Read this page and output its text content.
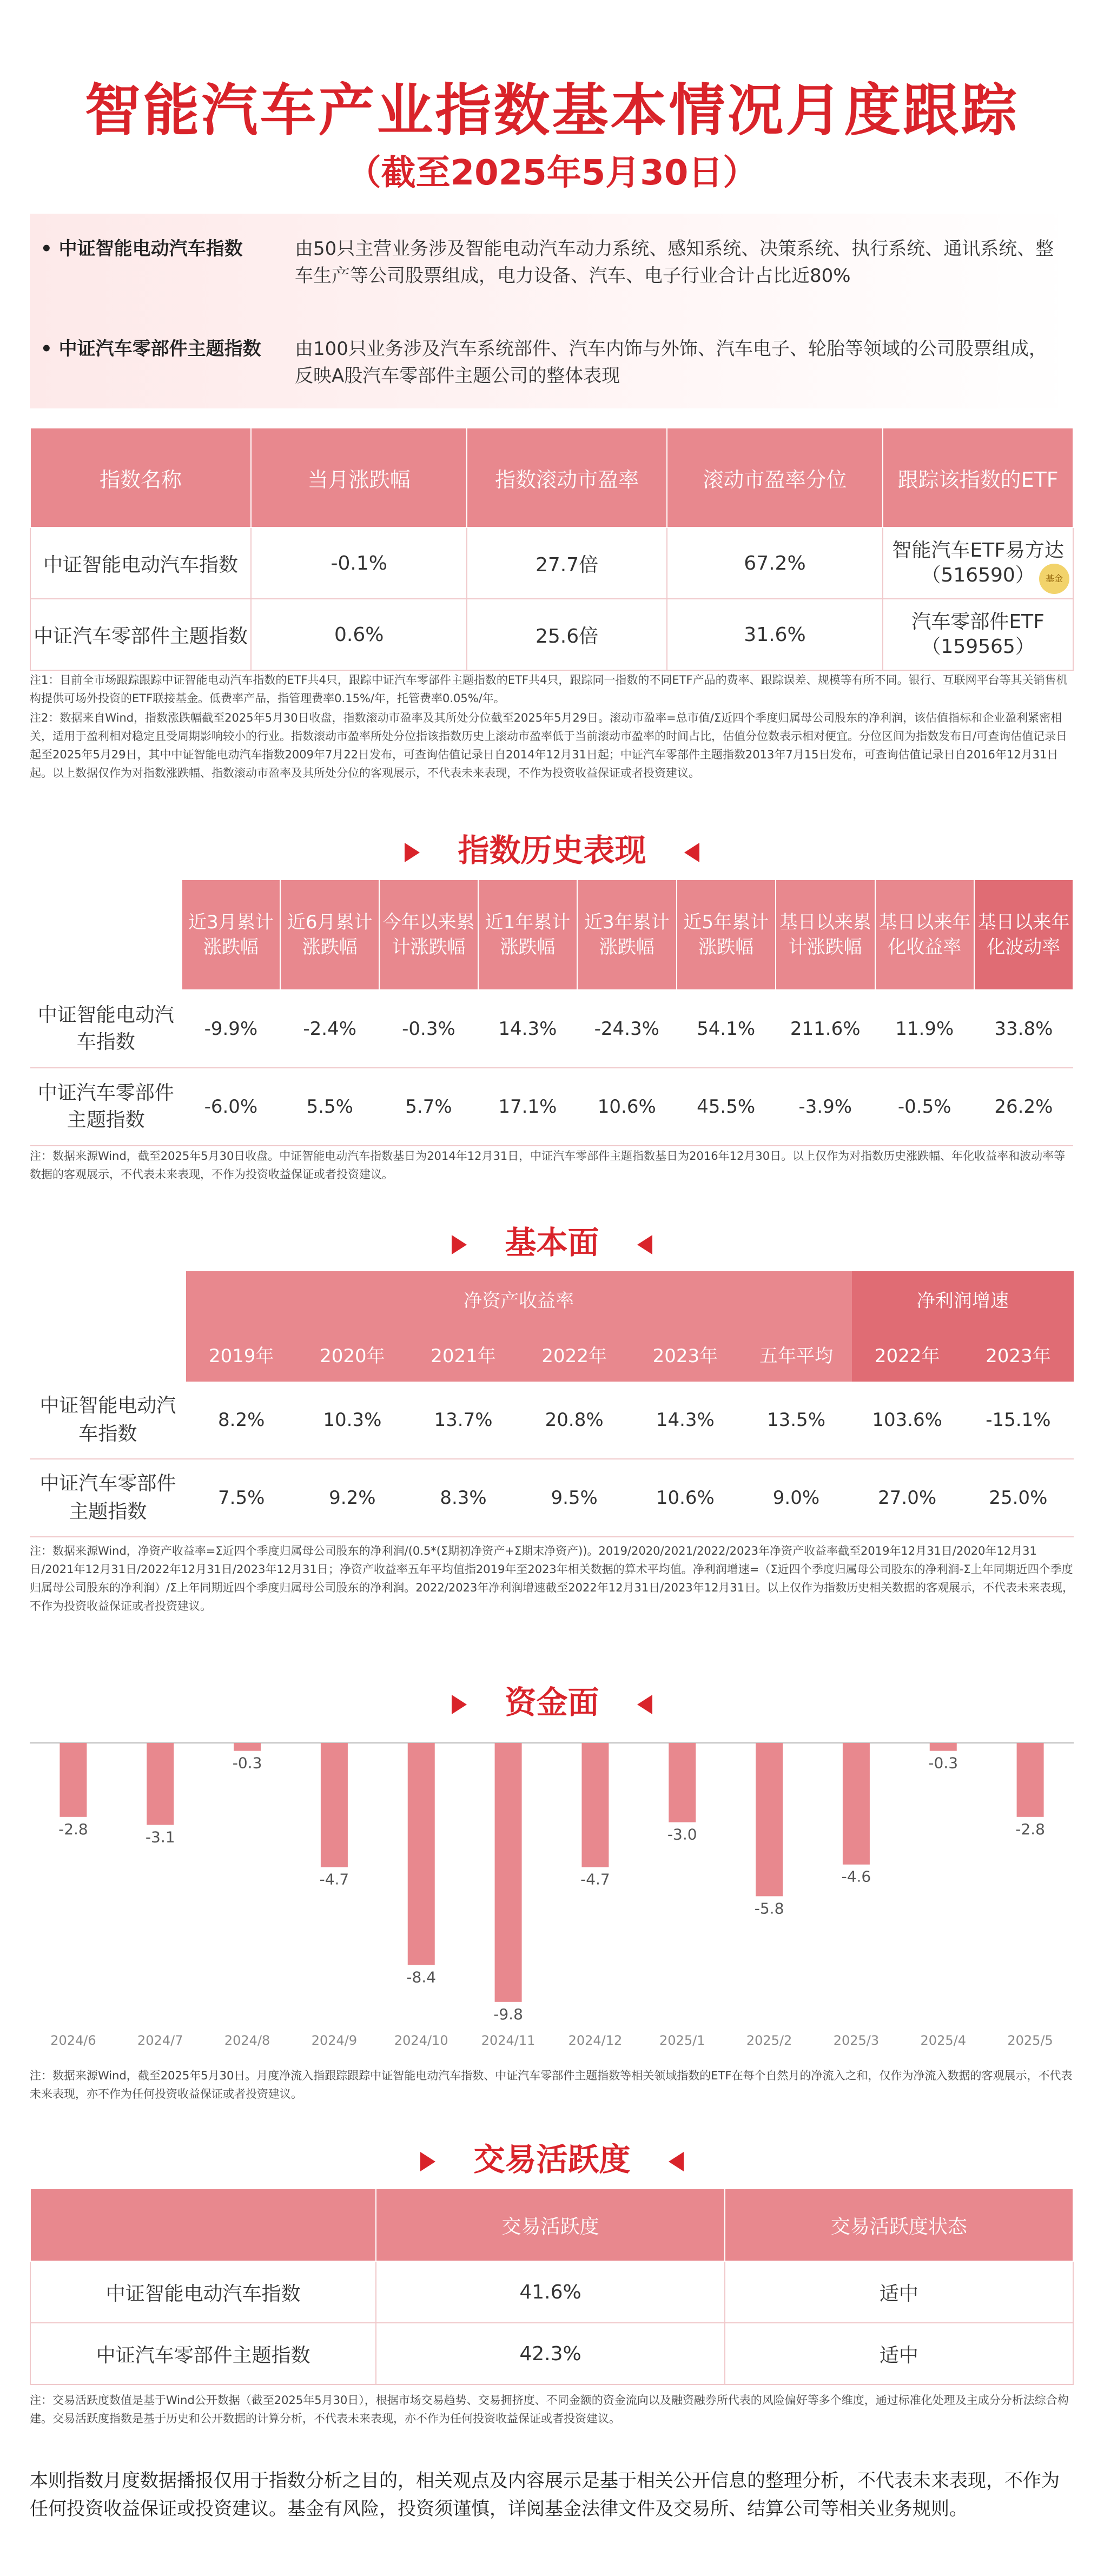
智能汽车产业指数基本情况月度跟踪
（截至2025年5月30日）
• 中证智能电动汽车指数	由50只主营业务涉及智能电动汽车动力系统、感知系统、决策系统、执行系统、通讯系统、整车生产等公司股票组成，电力设备、汽车、电子行业合计占比近80%
• 中证汽车零部件主题指数	由100只业务涉及汽车系统部件、汽车内饰与外饰、汽车电子、轮胎等领域的公司股票组成，反映A股汽车零部件主题公司的整体表现
指数名称	当月涨跌幅	指数滚动市盈率	滚动市盈率分位	跟踪该指数的ETF
中证智能电动汽车指数	-0.1%	27.7倍	67.2%	智能汽车ETF易方达
（516590） 基金

中证汽车零部件主题指数	0.6%	25.6倍	31.6%	汽车零部件ETF
（159565）
注1：目前全市场跟踪跟踪中证智能电动汽车指数的ETF共4只，跟踪中证汽车零部件主题指数的ETF共4只，跟踪同一指数的不同ETF产品的费率、跟踪误差、规模等有所不同。银行、互联网平台等其关销售机构提供可场外投资的ETF联接基金。低费率产品，指管理费率0.15%/年，托管费率0.05%/年。
注2：数据来自Wind，指数涨跌幅截至2025年5月30日收盘，指数滚动市盈率及其所处分位截至2025年5月29日。滚动市盈率=总市值/Σ近四个季度归属母公司股东的净利润，该估值指标和企业盈利紧密相关，适用于盈利相对稳定且受周期影响较小的行业。指数滚动市盈率所处分位指该指数历史上滚动市盈率低于当前滚动市盈率的时间占比，估值分位数表示相对便宜。分位区间为指数发布日/可查询估值记录日起至2025年5月29日，其中中证智能电动汽车指数2009年7月22日发布，可查询估值记录日自2014年12月31日起；中证汽车零部件主题指数2013年7月15日发布，可查询估值记录日自2016年12月31日起。以上数据仅作为对指数涨跌幅、指数滚动市盈率及其所处分位的客观展示，不代表未来表现，不作为投资收益保证或者投资建议。
指数历史表现
	近3月累计涨跌幅	近6月累计涨跌幅	今年以来累计涨跌幅	近1年累计涨跌幅	近3年累计涨跌幅	近5年累计涨跌幅	基日以来累计涨跌幅	基日以来年化收益率	基日以来年化波动率
中证智能电动汽车指数	-9.9%	-2.4%	-0.3%	14.3%	-24.3%	54.1%	211.6%	11.9%	33.8%
中证汽车零部件主题指数	-6.0%	5.5%	5.7%	17.1%	10.6%	45.5%	-3.9%	-0.5%	26.2%
注：数据来源Wind，截至2025年5月30日收盘。中证智能电动汽车指数基日为2014年12月31日，中证汽车零部件主题指数基日为2016年12月30日。以上仅作为对指数历史涨跌幅、年化收益率和波动率等数据的客观展示，不代表未来表现，不作为投资收益保证或者投资建议。
基本面
	净资产收益率						净利润增速	
	2019年	2020年	2021年	2022年	2023年	五年平均	2022年	2023年
中证智能电动汽车指数	8.2%	10.3%	13.7%	20.8%	14.3%	13.5%	103.6%	-15.1%
中证汽车零部件主题指数	7.5%	9.2%	8.3%	9.5%	10.6%	9.0%	27.0%	25.0%
注：数据来源Wind，净资产收益率=Σ近四个季度归属母公司股东的净利润/(0.5*(Σ期初净资产+Σ期末净资产))。2019/2020/2021/2022/2023年净资产收益率截至2019年12月31日/2020年12月31日/2021年12月31日/2022年12月31日/2023年12月31日；净资产收益率五年平均值指2019年至2023年相关数据的算术平均值。净利润增速=（Σ近四个季度归属母公司股东的净利润-Σ上年同期近四个季度归属母公司股东的净利润）/Σ上年同期近四个季度归属母公司股东的净利润。2022/2023年净利润增速截至2022年12月31日/2023年12月31日。以上仅作为指数历史相关数据的客观展示，不代表未来表现，不作为投资收益保证或者投资建议。
资金面
-2.8
2024/6
-3.1
2024/7
-0.3
2024/8
-4.7
2024/9
-8.4
2024/10
-9.8
2024/11
-4.7
2024/12
-3.0
2025/1
-5.8
2025/2
-4.6
2025/3
-0.3
2025/4
-2.8
2025/5
注：数据来源Wind，截至2025年5月30日。月度净流入指跟踪跟踪中证智能电动汽车指数、中证汽车零部件主题指数等相关领域指数的ETF在每个自然月的净流入之和，仅作为净流入数据的客观展示，不代表未来表现，亦不作为任何投资收益保证或者投资建议。
交易活跃度
	交易活跃度	交易活跃度状态
中证智能电动汽车指数	41.6%	适中
中证汽车零部件主题指数	42.3%	适中
注：交易活跃度数值是基于Wind公开数据（截至2025年5月30日），根据市场交易趋势、交易拥挤度、不同金额的资金流向以及融资融券所代表的风险偏好等多个维度，通过标准化处理及主成分分析法综合构建。交易活跃度指数是基于历史和公开数据的计算分析，不代表未来表现，亦不作为任何投资收益保证或者投资建议。
本则指数月度数据播报仅用于指数分析之目的，相关观点及内容展示是基于相关公开信息的整理分析，不代表未来表现，不作为任何投资收益保证或投资建议。基金有风险，投资须谨慎，详阅基金法律文件及交易所、结算公司等相关业务规则。
